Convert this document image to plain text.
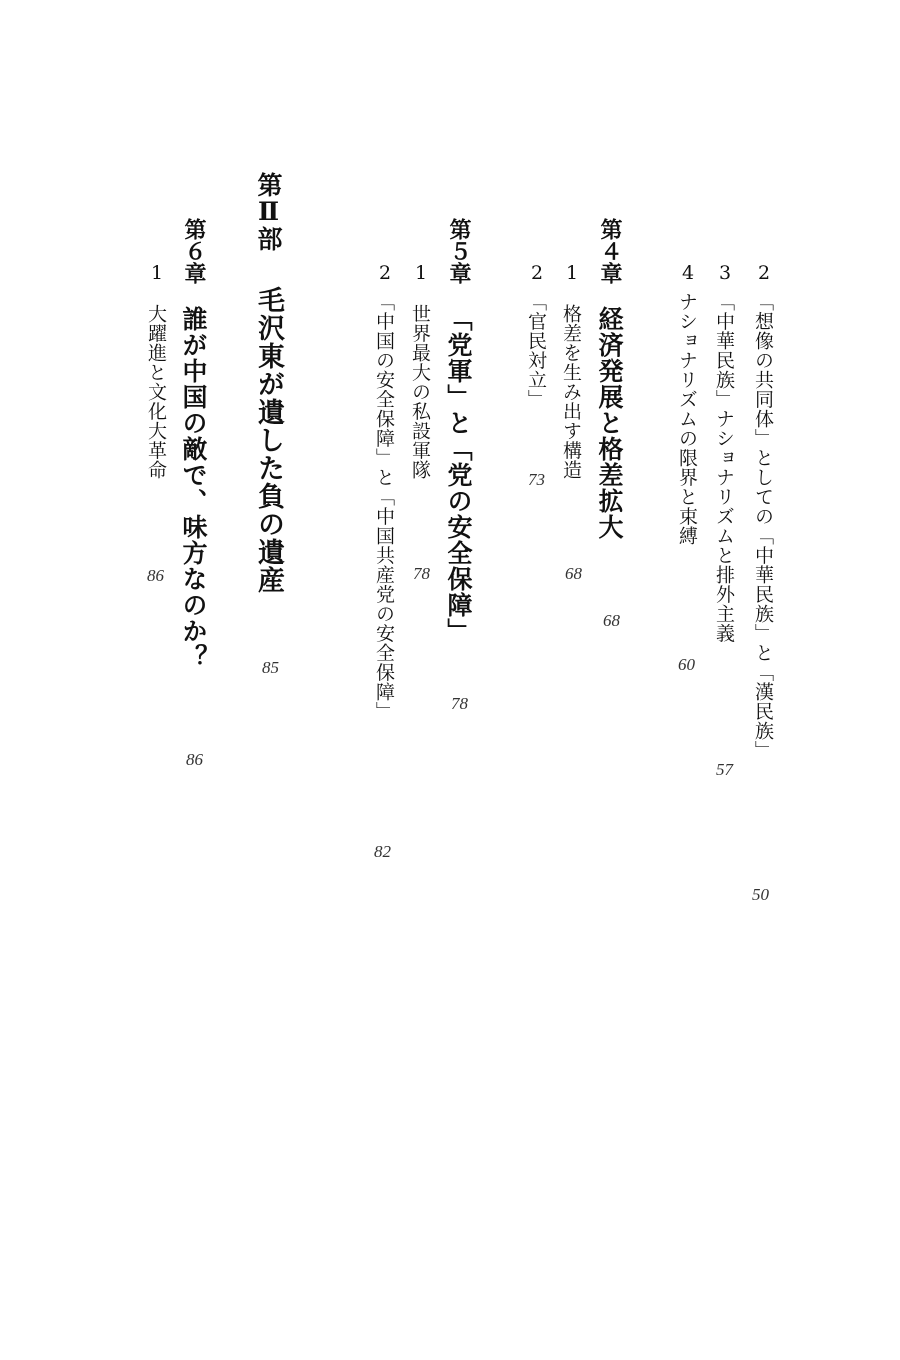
2
「想像の共同体」としての「中華民族」と「漢民族」
50
3
「中華民族」ナショナリズムと排外主義
57
4
ナショナリズムの限界と束縛
60
第４章
経済発展と格差拡大
68
1
格差を生み出す構造
68
2
「官民対立」
73
第５章
「党軍」と「党の安全保障」
78
1
世界最大の私設軍隊
78
2
「中国の安全保障」と「中国共産党の安全保障」
82
第Ⅱ部
毛沢東が遺した負の遺産
85
第６章
誰が中国の敵で、味方なのか？
86
1
大躍進と文化大革命
86
